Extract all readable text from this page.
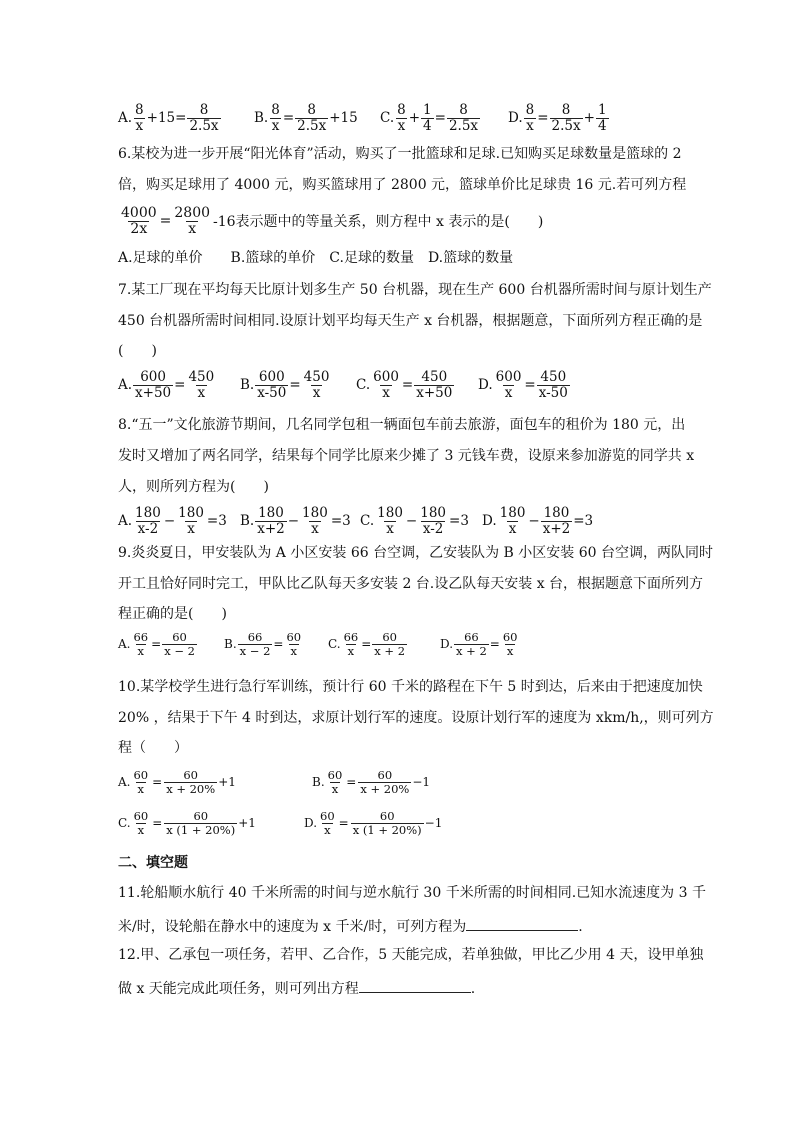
A. $\frac{8}{x} +15= \frac{8}{2.5x} B$. $\frac{8}{x} = \frac{8}{2.5x} +15$ C. $\frac{8}{x} + \frac{1}{4} = \frac{8}{2.5x} D$. $\frac{8}{x} = \frac{8}{2.5x} + \frac{1}{4}$
6.某校为进一步开展“阳光体育”活动，购买了一批篮球和足球.已知购买足球数量是篮球的 2
倍，购买足球用了 4000 元，购买篮球用了 2800 元，篮球单价比足球贵 16 元.若可列方程
$\frac{4000}{2x} = \frac{2800}{x} -16$表示题中的等量关系，则方程中 x 表示的是(　　)
A.足球的单价　　B.篮球的单价　C.足球的数量　D.篮球的数量
7.某工厂现在平均每天比原计划多生产 50 台机器，现在生产 600 台机器所需时间与原计划生产
450 台机器所需时间相同.设原计划平均每天生产 x 台机器，根据题意，下面所列方程正确的是
(　　)
A. $\frac{600}{x+50} = \frac{450}{x} B$. $\frac{600}{x-50} = \frac{450}{x} C$. $\frac{600}{x} = \frac{450}{x+50} D$. $\frac{600}{x} = \frac{450}{x-50}$
8.“五一”文化旅游节期间，几名同学包租一辆面包车前去旅游，面包车的租价为 180 元，出
发时又增加了两名同学，结果每个同学比原来少摊了 3 元钱车费，设原来参加游览的同学共 x
人，则所列方程为(　　)
A. $\frac{180}{x-2} - \frac{180}{x} =3$ B. $\frac{180}{x+2} - \frac{180}{x} =3$ C. $\frac{180}{x} - \frac{180}{x-2} =3$ D. $\frac{180}{x} - \frac{180}{x+2} =3$
9.炎炎夏日，甲安装队为 A 小区安装 66 台空调，乙安装队为 B 小区安装 60 台空调，两队同时
开工且恰好同时完工，甲队比乙队每天多安装 2 台.设乙队每天安装 x 台，根据题意下面所列方
程正确的是(　　)
A. $\frac{66}{x} = \frac{60}{x - 2} B$. $\frac{66}{x - 2} = \frac{60}{x} C$. $\frac{66}{x} = \frac{60}{x + 2}$	D. $\frac{66}{x + 2} = \frac{60}{x}$
10.某学校学生进行急行军训练，预计行 60 千米的路程在下午 5 时到达，后来由于把速度加快
20% ，结果于下午 4 时到达，求原计划行军的速度。设原计划行军的速度为 xkm/h,，则可列方
程（　　）
A. $\frac{60}{x} = \frac{60}{x + 20\%} +1$	B. $\frac{60}{x} = \frac{60}{x + 20\%} -1$
C. $\frac{60}{x} = \frac{60}{x (1 + 20\%)} +1$	D. $\frac{60}{x} = \frac{60}{x (1 + 20\%)} -1$
二、填空题
11.轮船顺水航行 40 千米所需的时间与逆水航行 30 千米所需的时间相同.已知水流速度为 3 千
米/时，设轮船在静水中的速度为 x 千米/时，可列方程为	.
12.甲、乙承包一项任务，若甲、乙合作，5 天能完成，若单独做，甲比乙少用 4 天，设甲单独
做 x 天能完成此项任务，则可列出方程	.
